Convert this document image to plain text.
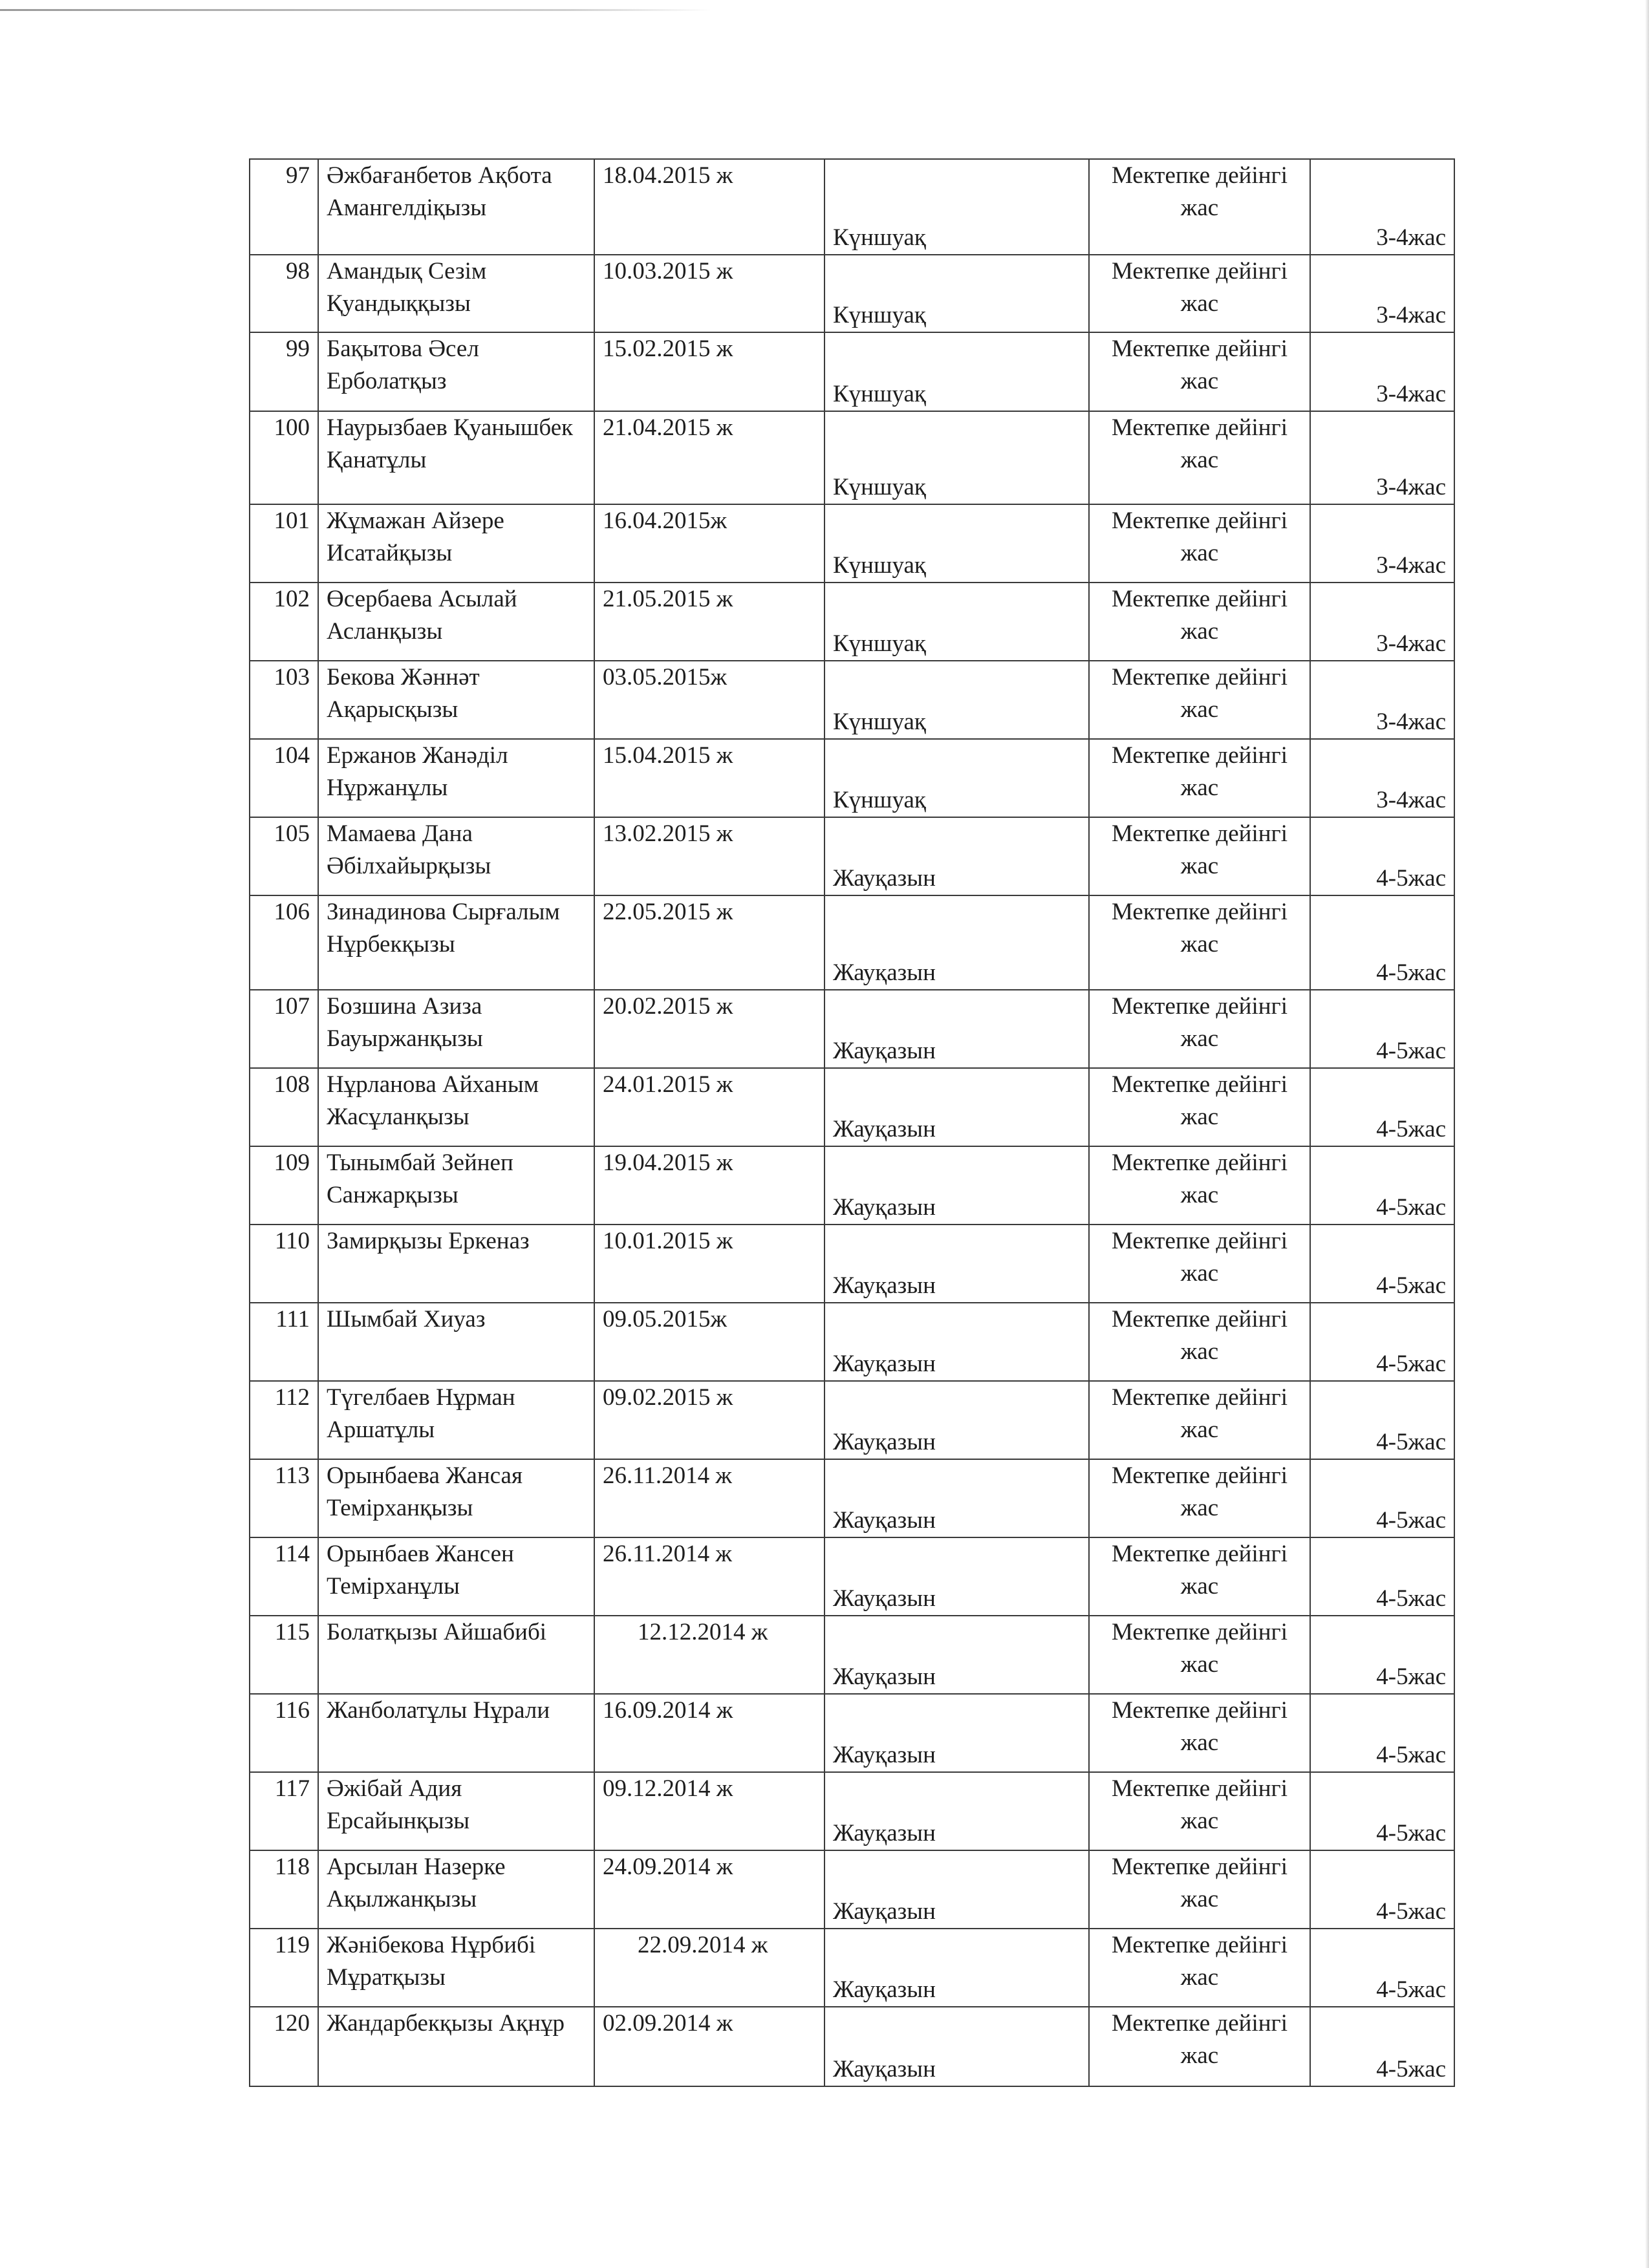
97	Әжбағанбетов Ақбота Амангелдіқызы	18.04.2015 ж	Күншуақ	Мектепке дейінгі жас	3-4жас
98	Амандық Сезім Қуандыққызы	10.03.2015 ж	Күншуақ	Мектепке дейінгі жас	3-4жас
99	Бақытова Әсел Ерболатқыз	15.02.2015 ж	Күншуақ	Мектепке дейінгі жас	3-4жас
100	Наурызбаев Қуанышбек Қанатұлы	21.04.2015 ж	Күншуақ	Мектепке дейінгі жас	3-4жас
101	Жұмажан Айзере Исатайқызы	16.04.2015ж	Күншуақ	Мектепке дейінгі жас	3-4жас
102	Өсербаева Асылай Асланқызы	21.05.2015 ж	Күншуақ	Мектепке дейінгі жас	3-4жас
103	Бекова Жәннәт Ақарысқызы	03.05.2015ж	Күншуақ	Мектепке дейінгі жас	3-4жас
104	Ержанов Жанәділ Нұржанұлы	15.04.2015 ж	Күншуақ	Мектепке дейінгі жас	3-4жас
105	Мамаева Дана Әбілхайырқызы	13.02.2015 ж	Жауқазын	Мектепке дейінгі жас	4-5жас
106	Зинадинова Сырғалым Нұрбекқызы	22.05.2015 ж	Жауқазын	Мектепке дейінгі жас	4-5жас
107	Бозшина Азиза Бауыржанқызы	20.02.2015 ж	Жауқазын	Мектепке дейінгі жас	4-5жас
108	Нұрланова Айханым Жасұланқызы	24.01.2015 ж	Жауқазын	Мектепке дейінгі жас	4-5жас
109	Тынымбай Зейнеп Санжарқызы	19.04.2015 ж	Жауқазын	Мектепке дейінгі жас	4-5жас
110	Замирқызы Еркеназ	10.01.2015 ж	Жауқазын	Мектепке дейінгі жас	4-5жас
111	Шымбай Хиуаз	09.05.2015ж	Жауқазын	Мектепке дейінгі жас	4-5жас
112	Түгелбаев Нұрман Аршатұлы	09.02.2015 ж	Жауқазын	Мектепке дейінгі жас	4-5жас
113	Орынбаева Жансая Темірханқызы	26.11.2014 ж	Жауқазын	Мектепке дейінгі жас	4-5жас
114	Орынбаев Жансен Темірханұлы	26.11.2014 ж	Жауқазын	Мектепке дейінгі жас	4-5жас
115	Болатқызы Айшабибі	12.12.2014 ж	Жауқазын	Мектепке дейінгі жас	4-5жас
116	Жанболатұлы Нұрали	16.09.2014 ж	Жауқазын	Мектепке дейінгі жас	4-5жас
117	Әжібай Адия Ерсайынқызы	09.12.2014 ж	Жауқазын	Мектепке дейінгі жас	4-5жас
118	Арсылан Назерке Ақылжанқызы	24.09.2014 ж	Жауқазын	Мектепке дейінгі жас	4-5жас
119	Жәнібекова Нұрбибі Мұратқызы	22.09.2014 ж	Жауқазын	Мектепке дейінгі жас	4-5жас
120	Жандарбекқызы Ақнұр	02.09.2014 ж	Жауқазын	Мектепке дейінгі жас	4-5жас
